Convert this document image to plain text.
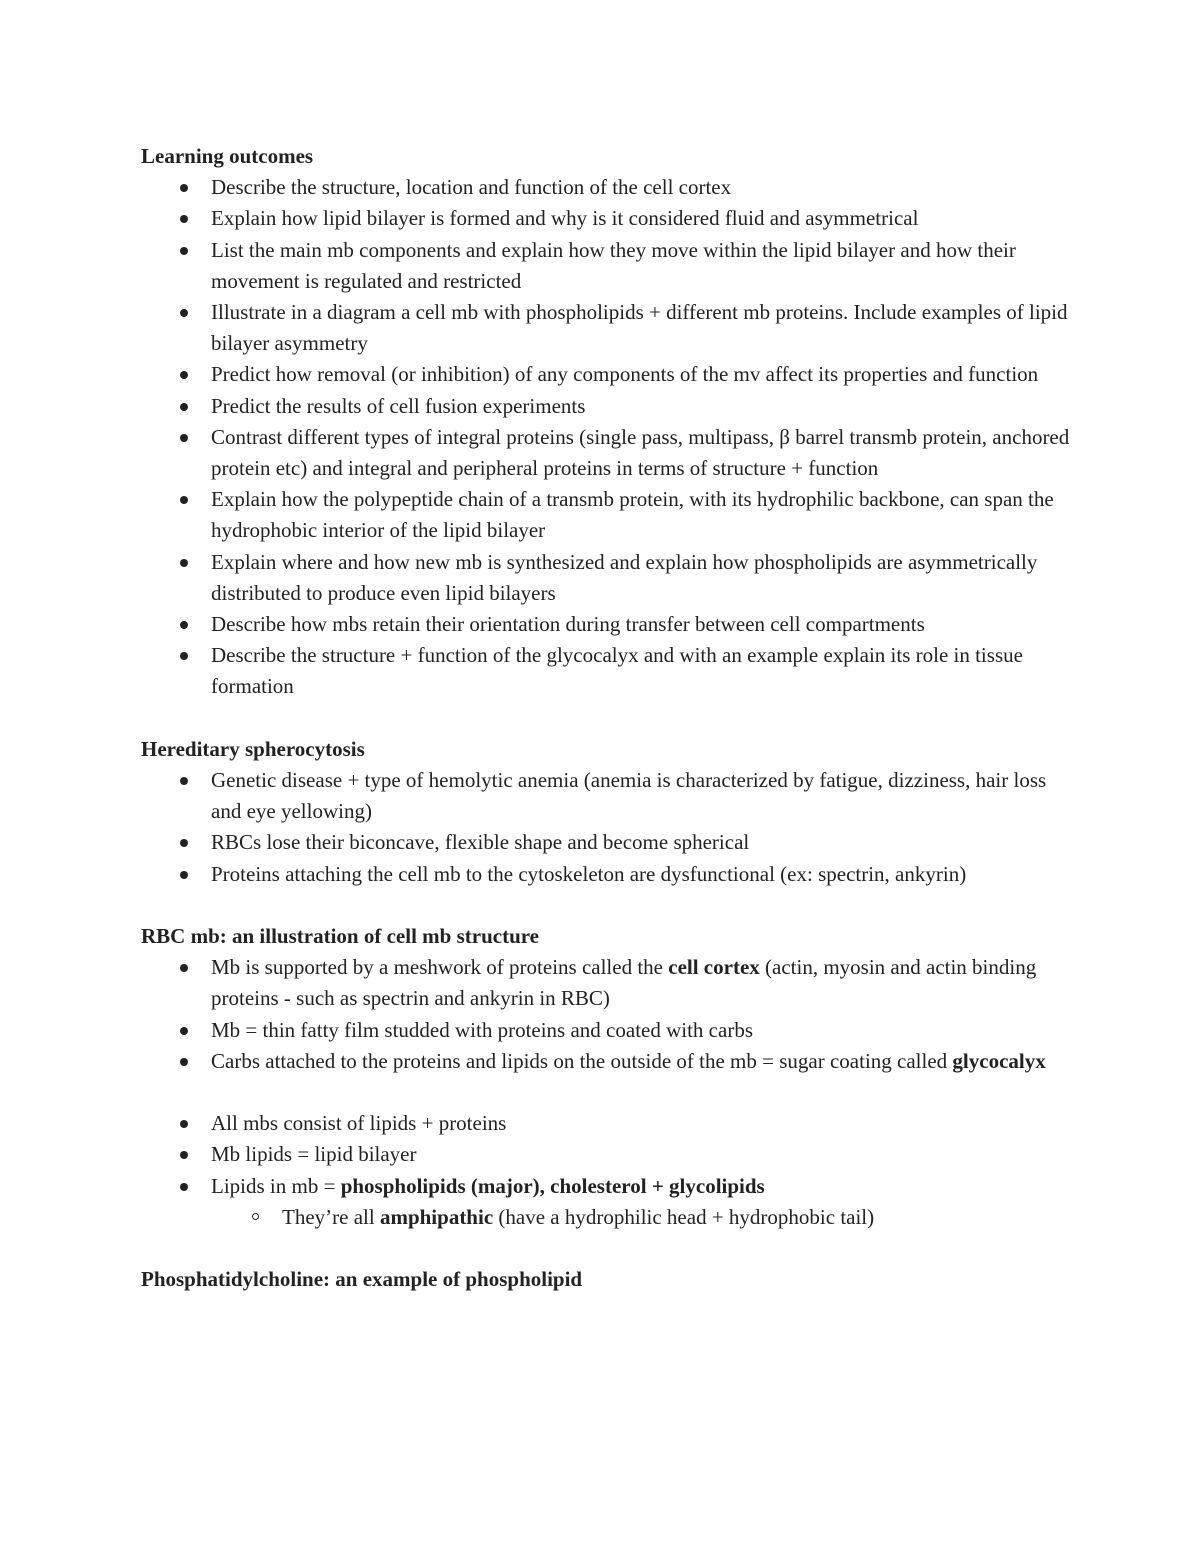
Learning outcomes

Describe the structure, location and function of the cell cortex
Explain how lipid bilayer is formed and why is it considered fluid and asymmetrical
List the main mb components and explain how they move within the lipid bilayer and how their movement is regulated and restricted
Illustrate in a diagram a cell mb with phospholipids + different mb proteins. Include examples of lipid bilayer asymmetry
Predict how removal (or inhibition) of any components of the mv affect its properties and function
Predict the results of cell fusion experiments
Contrast different types of integral proteins (single pass, multipass, β barrel transmb protein, anchored protein etc) and integral and peripheral proteins in terms of structure + function
Explain how the polypeptide chain of a transmb protein, with its hydrophilic backbone, can span the hydrophobic interior of the lipid bilayer
Explain where and how new mb is synthesized and explain how phospholipids are asymmetrically distributed to produce even lipid bilayers
Describe how mbs retain their orientation during transfer between cell compartments
Describe the structure + function of the glycocalyx and with an example explain its role in tissue formation

Hereditary spherocytosis

Genetic disease + type of hemolytic anemia (anemia is characterized by fatigue, dizziness, hair loss and eye yellowing)
RBCs lose their biconcave, flexible shape and become spherical
Proteins attaching the cell mb to the cytoskeleton are dysfunctional (ex: spectrin, ankyrin)

RBC mb: an illustration of cell mb structure

Mb is supported by a meshwork of proteins called the cell cortex (actin, myosin and actin binding proteins - such as spectrin and ankyrin in RBC)
Mb = thin fatty film studded with proteins and coated with carbs
Carbs attached to the proteins and lipids on the outside of the mb = sugar coating called glycocalyx
All mbs consist of lipids + proteins
Mb lipids = lipid bilayer
Lipids in mb = phospholipids (major), cholesterol + glycolipids
They’re all amphipathic (have a hydrophilic head + hydrophobic tail)

Phosphatidylcholine: an example of phospholipid
